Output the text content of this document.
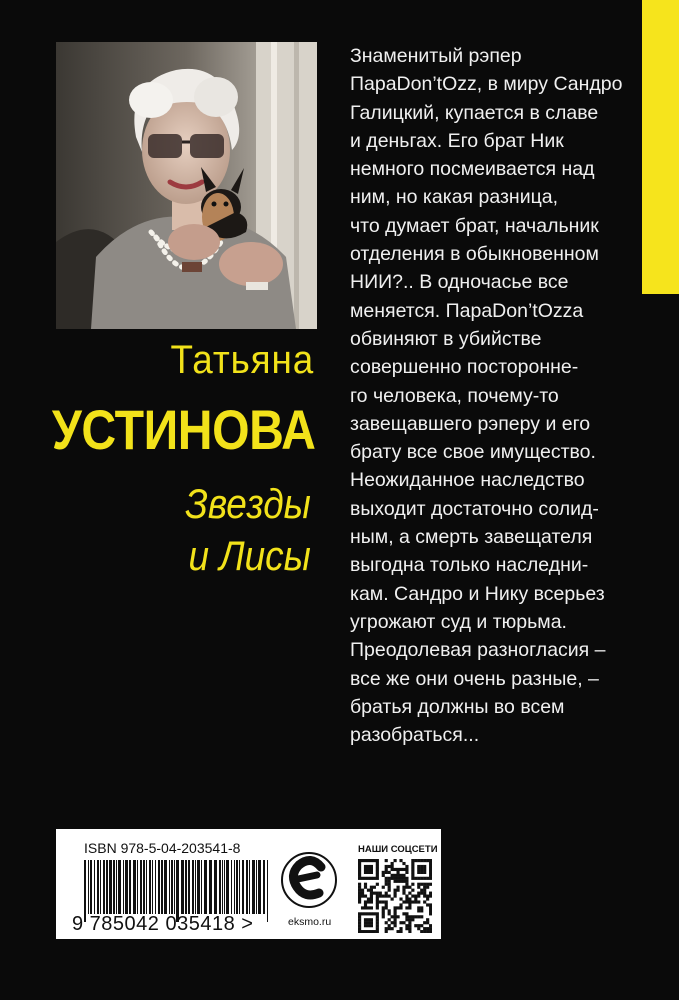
Татьяна
УСТИНОВА
Звезды
и Лисы
Знаменитый рэпер
ПараDon’tOzz, в миру Сандро
Галицкий, купается в славе
и деньгах. Его брат Ник
немного посмеивается над
ним, но какая разница,
что думает брат, начальник
отделения в обыкновенном
НИИ?.. В одночасье все
меняется. ПараDon’tOzza
обвиняют в убийстве
совершенно посторонне-
го человека, почему-то
завещавшего рэперу и его
брату все свое имущество.
Неожиданное наследство
выходит достаточно солид-
ным, а смерть завещателя
выгодна только наследни-
кам. Сандро и Нику всерьез
угрожают суд и тюрьма.
Преодолевая разногласия –
все же они очень разные, –
братья должны во всем
разобраться...
ISBN 978-5-04-203541-8
9 785042 035418 >	eksmo.ru
НАШИ СОЦСЕТИ
